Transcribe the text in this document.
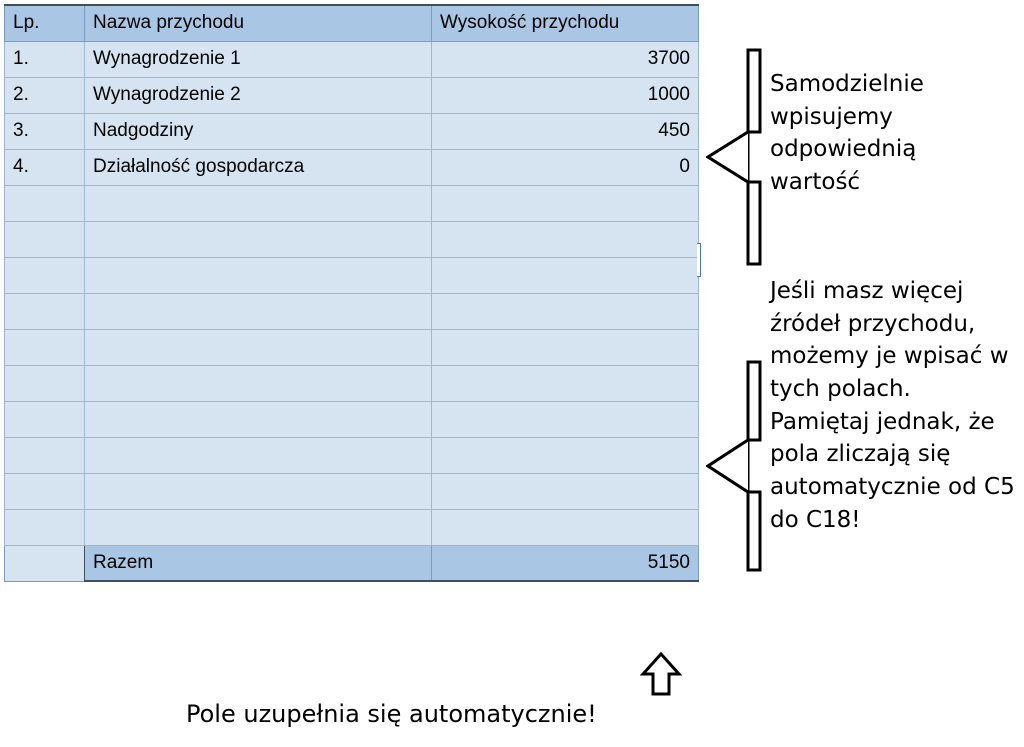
Lp.	Nazwa przychodu	Wysokość przychodu
1.	Wynagrodzenie 1	3700
2.	Wynagrodzenie 2	1000
3.	Nadgodziny	450
4.	Działalność gospodarcza	0

	Razem	5150
Samodzielnie wpisujemy odpowiednią wartość
Jeśli masz więcej źródeł przychodu, możemy je wpisać w tych polach. Pamiętaj jednak, że pola zliczają się automatycznie od C5 do C18!
Pole uzupełnia się automatycznie!
